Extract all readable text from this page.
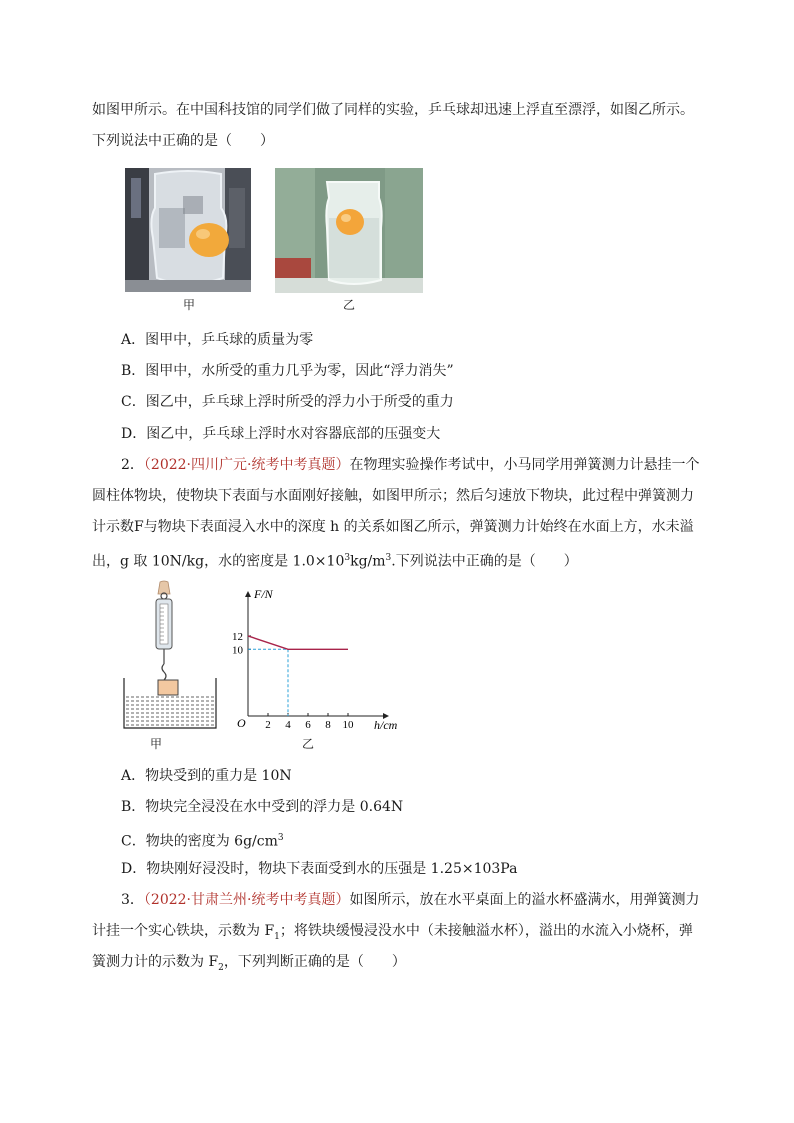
如图甲所示。在中国科技馆的同学们做了同样的实验，乒乓球却迅速上浮直至漂浮，如图乙所示。
下列说法中正确的是（　　）
甲	乙
A．图甲中，乒乓球的质量为零
B．图甲中，水所受的重力几乎为零，因此“浮力消失”
C．图乙中，乒乓球上浮时所受的浮力小于所受的重力
D．图乙中，乒乓球上浮时水对容器底部的压强变大
2．（2022·四川广元·统考中考真题）在物理实验操作考试中，小马同学用弹簧测力计悬挂一个
圆柱体物块，使物块下表面与水面刚好接触，如图甲所示；然后匀速放下物块，此过程中弹簧测力
计示数F与物块下表面浸入水中的深度 h 的关系如图乙所示，弹簧测力计始终在水面上方，水未溢
出，g 取 10N/kg，水的密度是 $1.0\times 10^3kg/m^3$.下列说法中正确的是（　　）
甲
2 4 6 8 10
10
12
F/N
h/cm
O
乙
A．物块受到的重力是 10N
B．物块完全浸没在水中受到的浮力是 0.64N
C．物块的密度为 $6g/cm^3$
D．物块刚好浸没时，物块下表面受到水的压强是 1.25×103Pa
3．（2022·甘肃兰州·统考中考真题）如图所示，放在水平桌面上的溢水杯盛满水，用弹簧测力
计挂一个实心铁块，示数为 $F_1$；将铁块缓慢浸没水中（未接触溢水杯），溢出的水流入小烧杯，弹
簧测力计的示数为 $F_2$，下列判断正确的是（　　）
